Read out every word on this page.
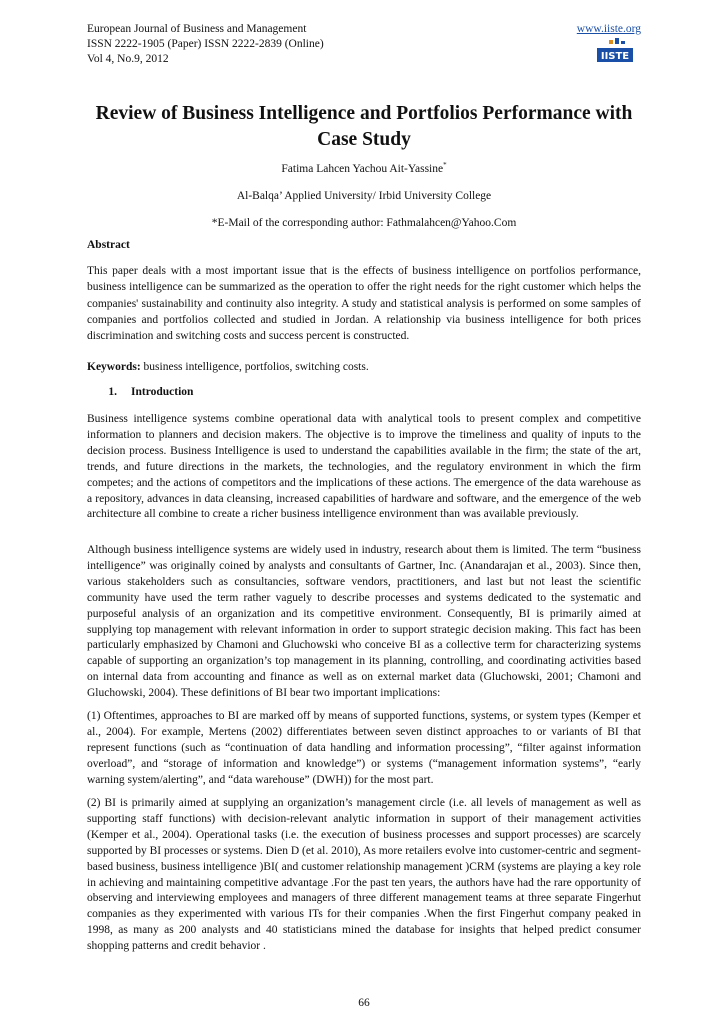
European Journal of Business and Management
ISSN 2222-1905 (Paper) ISSN 2222-2839 (Online)
Vol 4, No.9, 2012
www.iiste.org
IISTE
Review of Business Intelligence and Portfolios Performance with Case Study
Fatima Lahcen Yachou Ait-Yassine*
Al-Balqa’ Applied University/ Irbid University College
*E-Mail of the corresponding author: Fathmalahcen@Yahoo.Com
Abstract
This paper deals with a most important issue that is the effects of business intelligence on portfolios performance, business intelligence can be summarized as the operation to offer the right needs for the right customer which helps the companies' sustainability and continuity also integrity. A study and statistical analysis is performed on some samples of companies and portfolios collected and studied in Jordan. A relationship via business intelligence for both prices discrimination and switching costs and success percent is constructed.
Keywords: business intelligence, portfolios, switching costs.
1. Introduction
Business intelligence systems combine operational data with analytical tools to present complex and competitive information to planners and decision makers. The objective is to improve the timeliness and quality of inputs to the decision process. Business Intelligence is used to understand the capabilities available in the firm; the state of the art, trends, and future directions in the markets, the technologies, and the regulatory environment in which the firm competes; and the actions of competitors and the implications of these actions. The emergence of the data warehouse as a repository, advances in data cleansing, increased capabilities of hardware and software, and the emergence of the web architecture all combine to create a richer business intelligence environment than was available previously.
Although business intelligence systems are widely used in industry, research about them is limited. The term “business intelligence” was originally coined by analysts and consultants of Gartner, Inc. (Anandarajan et al., 2003). Since then, various stakeholders such as consultancies, software vendors, practitioners, and last but not least the scientific community have used the term rather vaguely to describe processes and systems dedicated to the systematic and purposeful analysis of an organization and its competitive environment. Consequently, BI is primarily aimed at supplying top management with relevant information in order to support strategic decision making. This fact has been particularly emphasized by Chamoni and Gluchowski who conceive BI as a collective term for characterizing systems capable of supporting an organization’s top management in its planning, controlling, and coordinating activities based on internal data from accounting and finance as well as on external market data (Gluchowski, 2001; Chamoni and Gluchowski, 2004). These definitions of BI bear two important implications:
(1) Oftentimes, approaches to BI are marked off by means of supported functions, systems, or system types (Kemper et al., 2004). For example, Mertens (2002) differentiates between seven distinct approaches to or variants of BI that represent functions (such as “continuation of data handling and information processing”, “filter against information overload”, and “storage of information and knowledge”) or systems (“management information systems”, “early warning system/alerting”, and “data warehouse” (DWH)) for the most part.
(2) BI is primarily aimed at supplying an organization’s management circle (i.e. all levels of management as well as supporting staff functions) with decision-relevant analytic information in support of their management activities (Kemper et al., 2004). Operational tasks (i.e. the execution of business processes and support processes) are scarcely supported by BI processes or systems. Dien D (et al. 2010), As more retailers evolve into customer-centric and segment-based business, business intelligence )BI( and customer relationship management )CRM (systems are playing a key role in achieving and maintaining competitive advantage .For the past ten years, the authors have had the rare opportunity of observing and interviewing employees and managers of three different management teams at three separate Fingerhut companies as they experimented with various ITs for their companies .When the first Fingerhut company peaked in 1998, as many as 200 analysts and 40 statisticians mined the database for insights that helped predict consumer shopping patterns and credit behavior .
66
